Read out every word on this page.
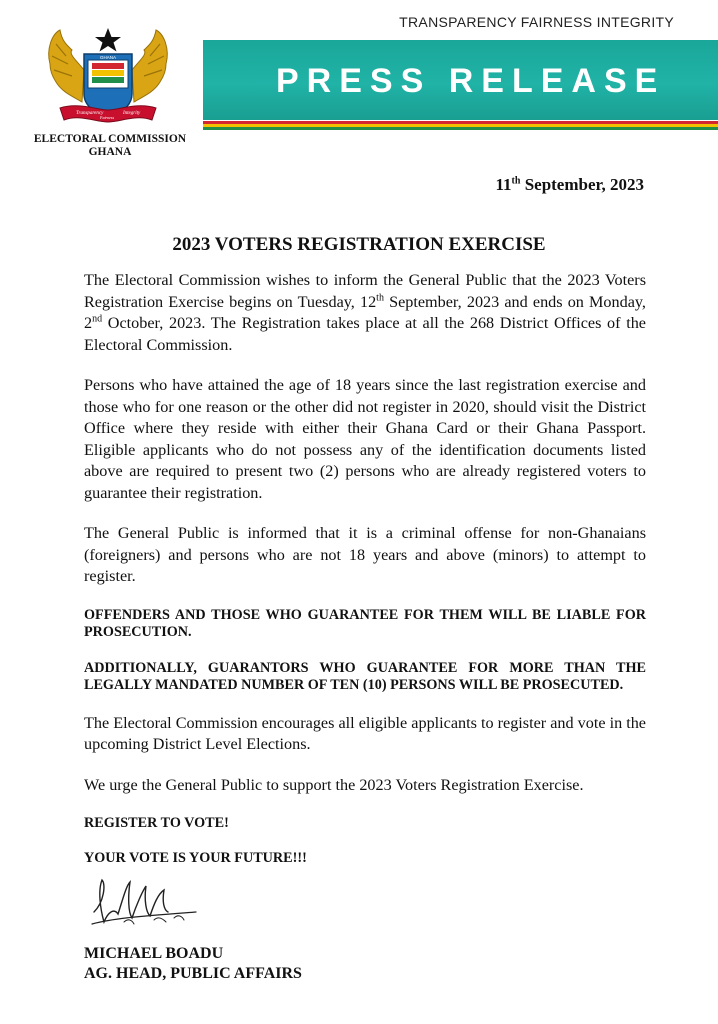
TRANSPARENCY FAIRNESS INTEGRITY
PRESS RELEASE
GHANA
Transparency	Integrity
Fairness
ELECTORAL COMMISSION
GHANA
11th September, 2023
2023 VOTERS REGISTRATION EXERCISE

The Electoral Commission wishes to inform the General Public that the 2023 Voters Registration Exercise begins on Tuesday, 12th September, 2023 and ends on Monday, 2nd October, 2023. The Registration takes place at all the 268 District Offices of the Electoral Commission.

Persons who have attained the age of 18 years since the last registration exercise and those who for one reason or the other did not register in 2020, should visit the District Office where they reside with either their Ghana Card or their Ghana Passport. Eligible applicants who do not possess any of the identification documents listed above are required to present two (2) persons who are already registered voters to guarantee their registration.

The General Public is informed that it is a criminal offense for non-Ghanaians (foreigners) and persons who are not 18 years and above (minors) to attempt to register.

OFFENDERS AND THOSE WHO GUARANTEE FOR THEM WILL BE LIABLE FOR PROSECUTION.

ADDITIONALLY, GUARANTORS WHO GUARANTEE FOR MORE THAN THE LEGALLY MANDATED NUMBER OF TEN (10) PERSONS WILL BE PROSECUTED.

The Electoral Commission encourages all eligible applicants to register and vote in the upcoming District Level Elections.

We urge the General Public to support the 2023 Voters Registration Exercise.

REGISTER TO VOTE!

YOUR VOTE IS YOUR FUTURE!!!

MICHAEL BOADU
AG. HEAD, PUBLIC AFFAIRS
